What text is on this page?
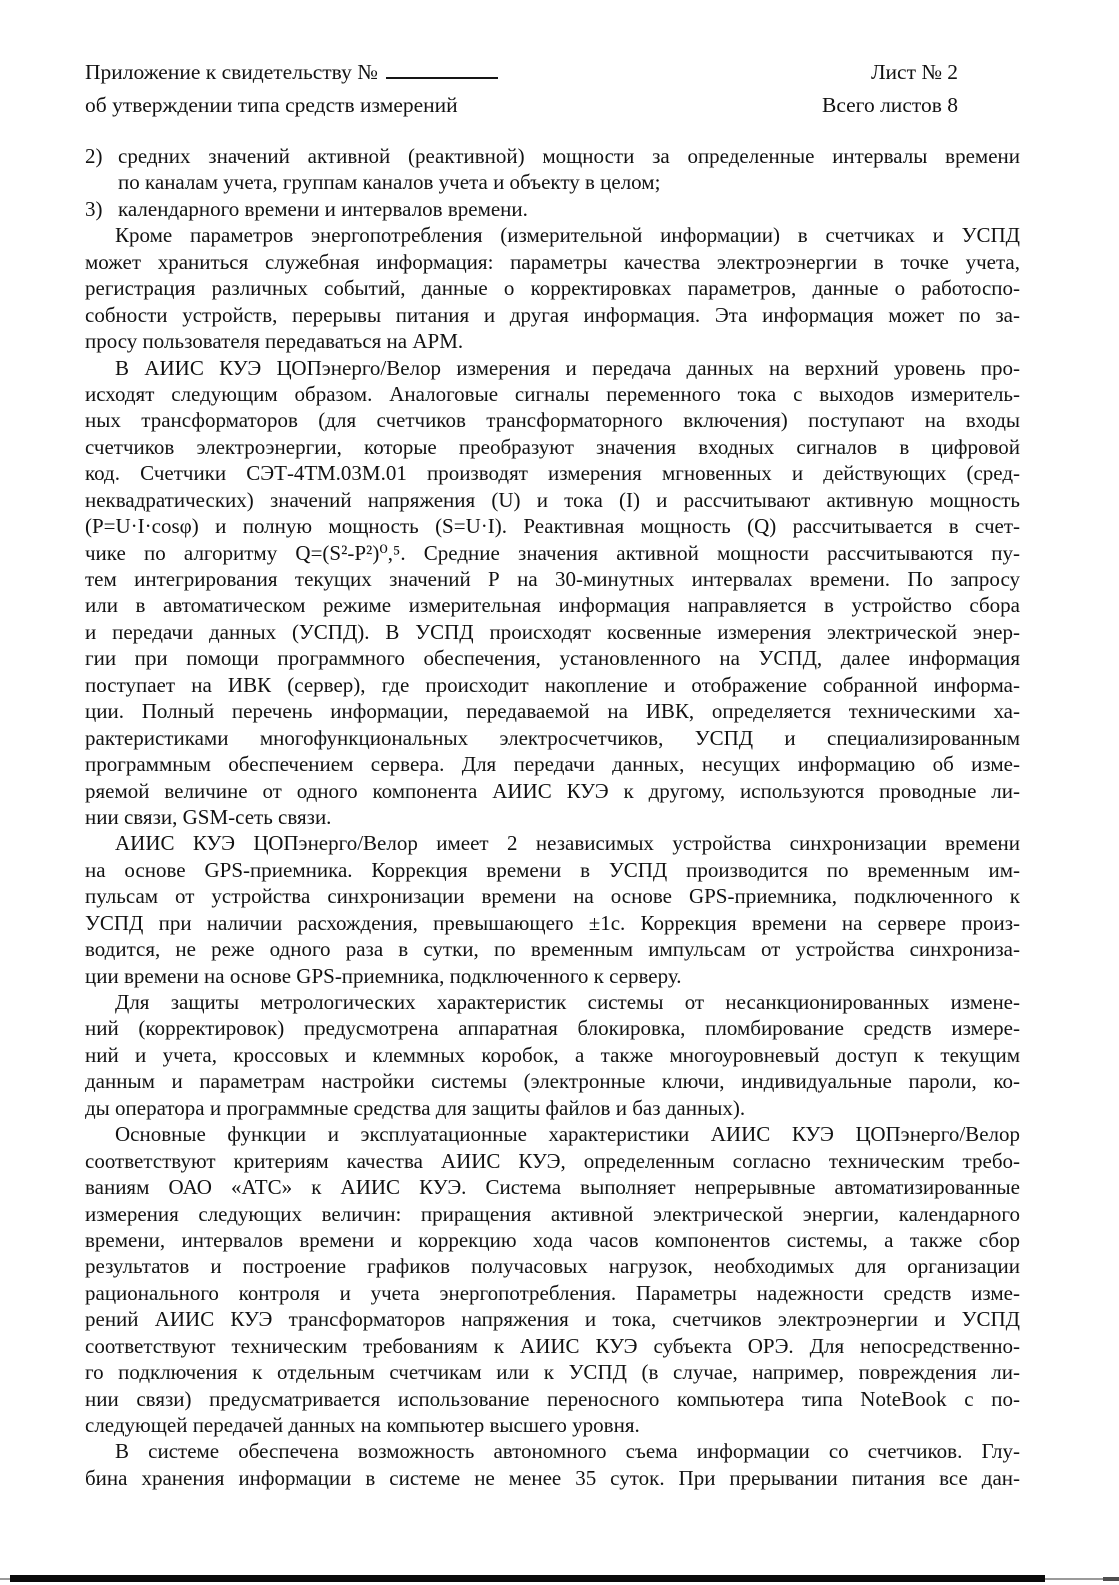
Приложение к свидетельству №
об утверждении типа средств измерений
Лист № 2
Всего листов 8
2) средних значений активной (реактивной) мощности за определенные интервалы времени
по каналам учета, группам каналов учета и объекту в целом;
3) календарного времени и интервалов времени.
Кроме параметров энергопотребления (измерительной информации) в счетчиках и УСПД
может храниться служебная информация: параметры качества электроэнергии в точке учета,
регистрация различных событий, данные о корректировках параметров, данные о работоспо-
собности устройств, перерывы питания и другая информация. Эта информация может по за-
просу пользователя передаваться на АРМ.
В АИИС КУЭ ЦОПэнерго/Велор измерения и передача данных на верхний уровень про-
исходят следующим образом. Аналоговые сигналы переменного тока с выходов измеритель-
ных трансформаторов (для счетчиков трансформаторного включения) поступают на входы
счетчиков электроэнергии, которые преобразуют значения входных сигналов в цифровой
код. Счетчики СЭТ-4ТМ.03М.01 производят измерения мгновенных и действующих (сред-
неквадратических) значений напряжения (U) и тока (I) и рассчитывают активную мощность
(P=U·I·cosφ) и полную мощность (S=U·I). Реактивная мощность (Q) рассчитывается в счет-
чике по алгоритму Q=(S²-P²)⁰,⁵. Средние значения активной мощности рассчитываются пу-
тем интегрирования текущих значений Р на 30-минутных интервалах времени. По запросу
или в автоматическом режиме измерительная информация направляется в устройство сбора
и передачи данных (УСПД). В УСПД происходят косвенные измерения электрической энер-
гии при помощи программного обеспечения, установленного на УСПД, далее информация
поступает на ИВК (сервер), где происходит накопление и отображение собранной информа-
ции. Полный перечень информации, передаваемой на ИВК, определяется техническими ха-
рактеристиками многофункциональных электросчетчиков, УСПД и специализированным
программным обеспечением сервера. Для передачи данных, несущих информацию об изме-
ряемой величине от одного компонента АИИС КУЭ к другому, используются проводные ли-
нии связи, GSM-сеть связи.
АИИС КУЭ ЦОПэнерго/Велор имеет 2 независимых устройства синхронизации времени
на основе GPS-приемника. Коррекция времени в УСПД производится по временным им-
пульсам от устройства синхронизации времени на основе GPS-приемника, подключенного к
УСПД при наличии расхождения, превышающего ±1с. Коррекция времени на сервере произ-
водится, не реже одного раза в сутки, по временным импульсам от устройства синхрониза-
ции времени на основе GPS-приемника, подключенного к серверу.
Для защиты метрологических характеристик системы от несанкционированных измене-
ний (корректировок) предусмотрена аппаратная блокировка, пломбирование средств измере-
ний и учета, кроссовых и клеммных коробок, а также многоуровневый доступ к текущим
данным и параметрам настройки системы (электронные ключи, индивидуальные пароли, ко-
ды оператора и программные средства для защиты файлов и баз данных).
Основные функции и эксплуатационные характеристики АИИС КУЭ ЦОПэнерго/Велор
соответствуют критериям качества АИИС КУЭ, определенным согласно техническим требо-
ваниям ОАО «АТС» к АИИС КУЭ. Система выполняет непрерывные автоматизированные
измерения следующих величин: приращения активной электрической энергии, календарного
времени, интервалов времени и коррекцию хода часов компонентов системы, а также сбор
результатов и построение графиков получасовых нагрузок, необходимых для организации
рационального контроля и учета энергопотребления. Параметры надежности средств изме-
рений АИИС КУЭ трансформаторов напряжения и тока, счетчиков электроэнергии и УСПД
соответствуют техническим требованиям к АИИС КУЭ субъекта ОРЭ. Для непосредственно-
го подключения к отдельным счетчикам или к УСПД (в случае, например, повреждения ли-
нии связи) предусматривается использование переносного компьютера типа NoteBook с по-
следующей передачей данных на компьютер высшего уровня.
В системе обеспечена возможность автономного съема информации со счетчиков. Глу-
бина хранения информации в системе не менее 35 суток. При прерывании питания все дан-
